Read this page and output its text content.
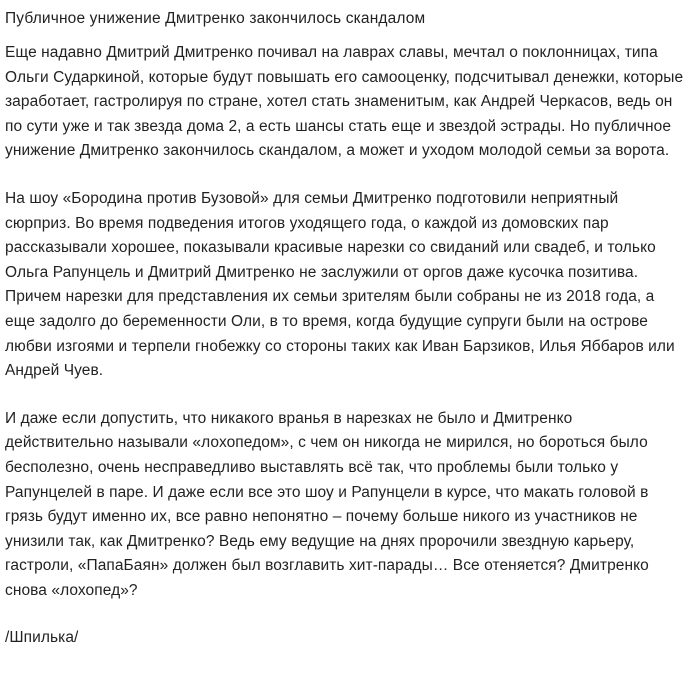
Публичное унижение Дмитренко закончилось скандалом

Еще надавно Дмитрий Дмитренко почивал на лаврах славы, мечтал о поклонницах, типа Ольги Сударкиной, которые будут повышать его самооценку, подсчитывал денежки, которые заработает, гастролируя по стране, хотел стать знаменитым, как Андрей Черкасов, ведь он по сути уже и так звезда дома 2, а есть шансы стать еще и звездой эстрады. Но публичное унижение Дмитренко закончилось скандалом, а может и уходом молодой семьи за ворота.

На шоу «Бородина против Бузовой» для семьи Дмитренко подготовили неприятный сюрприз. Во время подведения итогов уходящего года, о каждой из домовских пар рассказывали хорошее, показывали красивые нарезки со свиданий или свадеб, и только Ольга Рапунцель и Дмитрий Дмитренко не заслужили от оргов даже кусочка позитива. Причем нарезки для представления их семьи зрителям были собраны не из 2018 года, а еще задолго до беременности Оли, в то время, когда будущие супруги были на острове любви изгоями и терпели гнобежку со стороны таких как Иван Барзиков, Илья Яббаров или Андрей Чуев.

И даже если допустить, что никакого вранья в нарезках не было и Дмитренко действительно называли «лохопедом», с чем он никогда не мирился, но бороться было бесполезно, очень несправедливо выставлять всё так, что проблемы были только у Рапунцелей в паре. И даже если все это шоу и Рапунцели в курсе, что макать головой в грязь будут именно их, все равно непонятно – почему больше никого из участников не унизили так, как Дмитренко? Ведь ему ведущие на днях пророчили звездную карьеру, гастроли, «ПапаБаян» должен был возглавить хит-парады… Все отеняется? Дмитренко снова «лохопед»?

/Шпилька/
